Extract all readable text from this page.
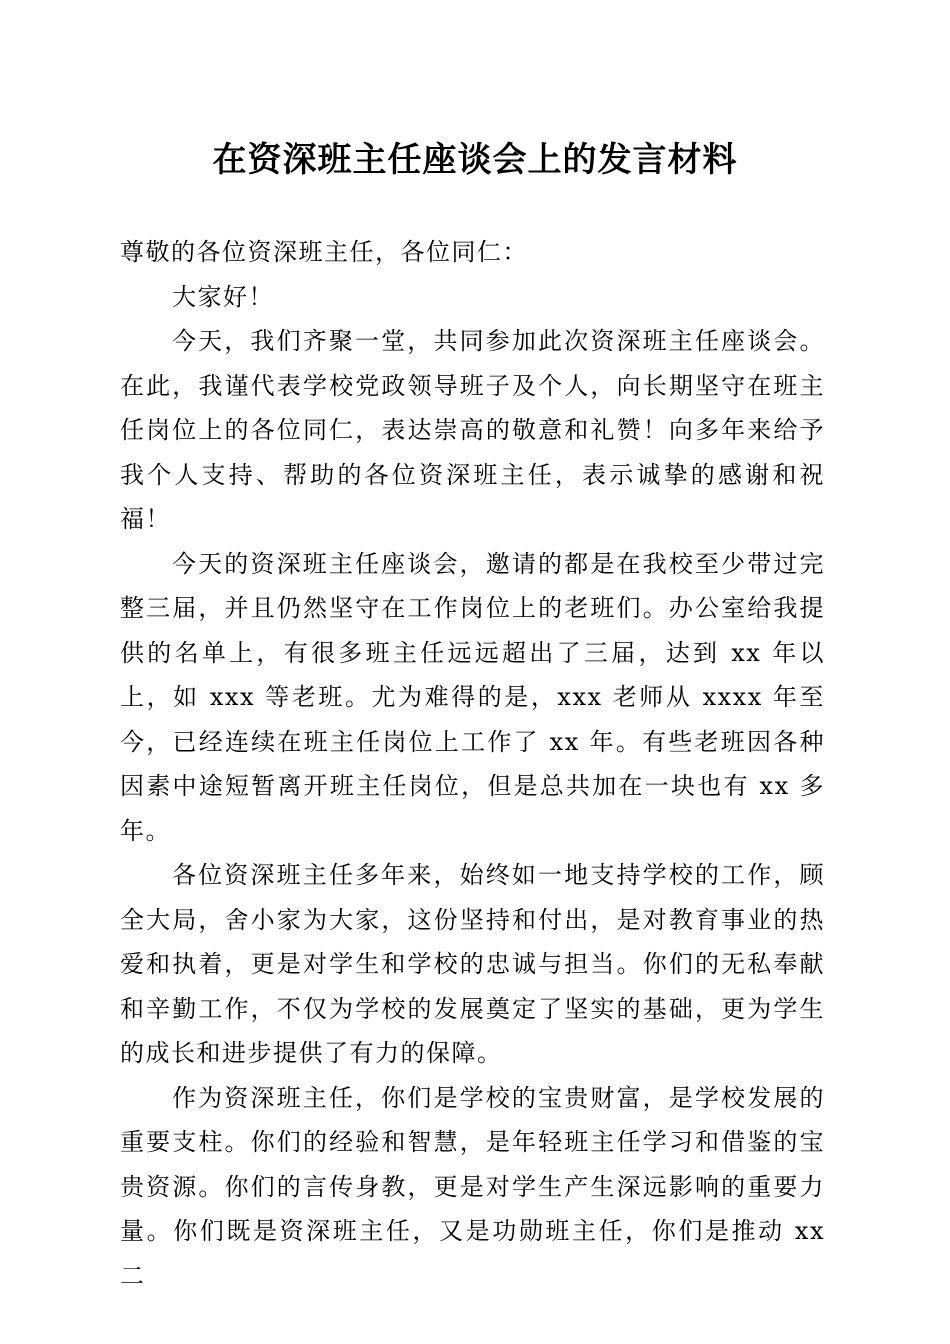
在资深班主任座谈会上的发言材料

尊敬的各位资深班主任，各位同仁：

大家好！

今天，我们齐聚一堂，共同参加此次资深班主任座谈会。在此，我谨代表学校党政领导班子及个人，向长期坚守在班主任岗位上的各位同仁，表达崇高的敬意和礼赞！向多年来给予我个人支持、帮助的各位资深班主任，表示诚挚的感谢和祝福！

今天的资深班主任座谈会，邀请的都是在我校至少带过完整三届，并且仍然坚守在工作岗位上的老班们。办公室给我提供的名单上，有很多班主任远远超出了三届，达到 xx 年以上，如 xxx 等老班。尤为难得的是，xxx 老师从 xxxx 年至今，已经连续在班主任岗位上工作了 xx 年。有些老班因各种因素中途短暂离开班主任岗位，但是总共加在一块也有 xx 多年。

各位资深班主任多年来，始终如一地支持学校的工作，顾全大局，舍小家为大家，这份坚持和付出，是对教育事业的热爱和执着，更是对学生和学校的忠诚与担当。你们的无私奉献和辛勤工作，不仅为学校的发展奠定了坚实的基础，更为学生的成长和进步提供了有力的保障。

作为资深班主任，你们是学校的宝贵财富，是学校发展的重要支柱。你们的经验和智慧，是年轻班主任学习和借鉴的宝贵资源。你们的言传身教，更是对学生产生深远影响的重要力量。你们既是资深班主任，又是功勋班主任，你们是推动 xx 二
